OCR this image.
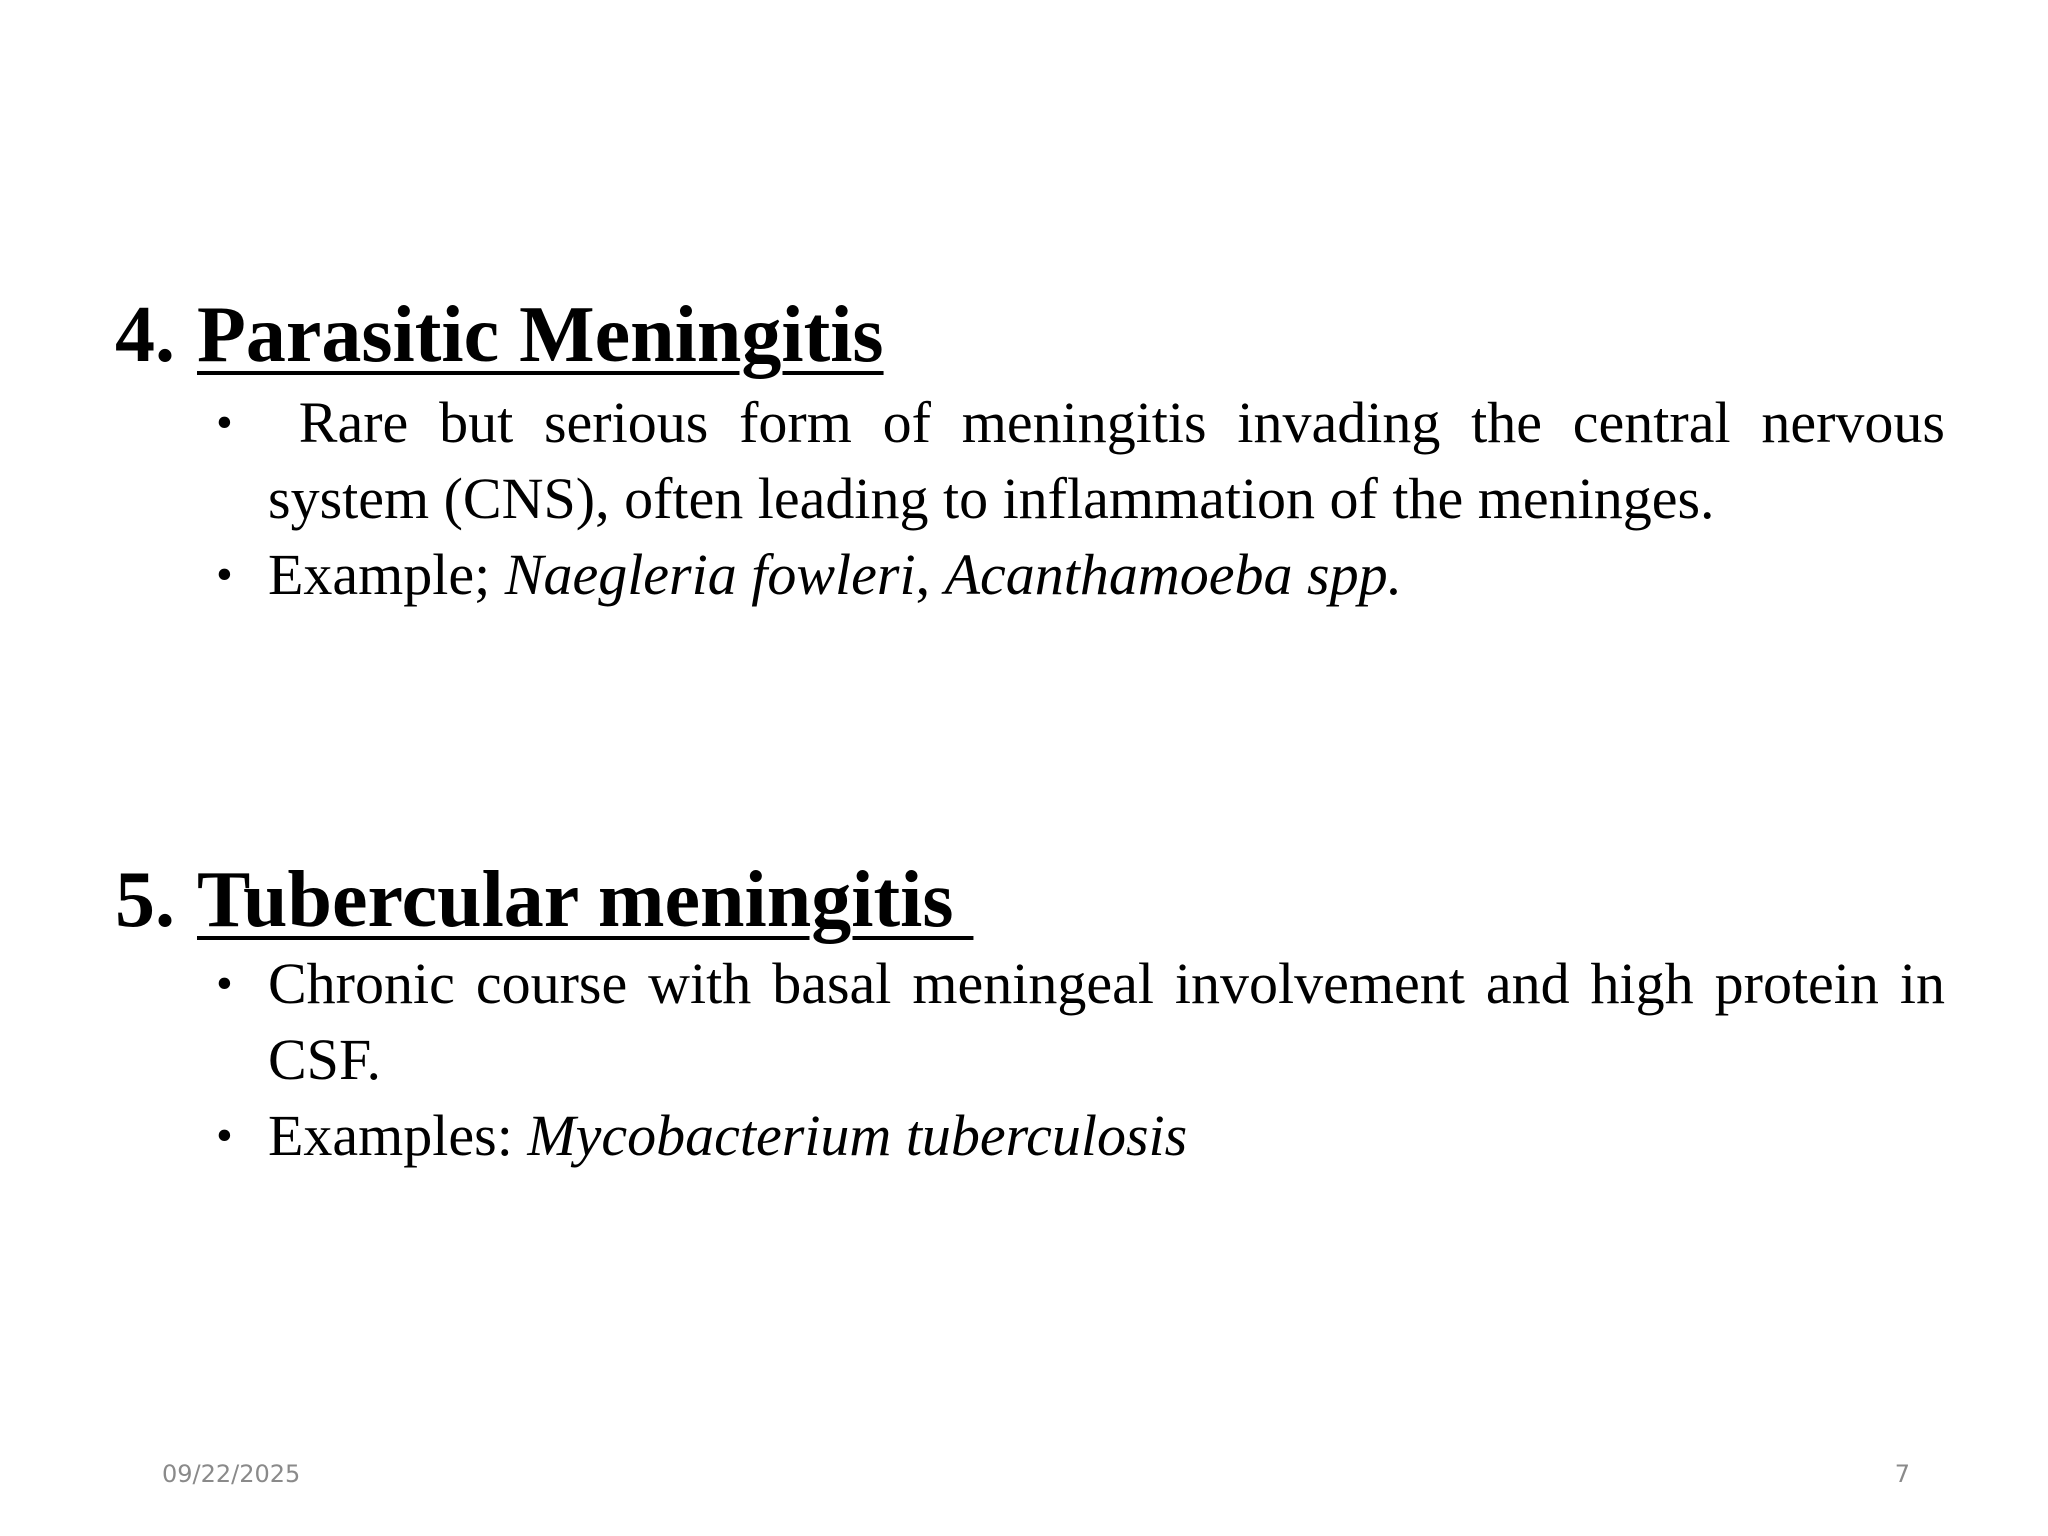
4. Parasitic Meningitis
• Rare but serious form of meningitis invading the central nervous system (CNS), often leading to inflammation of the meninges.
• Example; Naegleria fowleri, Acanthamoeba spp.
5. Tubercular meningitis
• Chronic course with basal meningeal involvement and high protein in CSF.
• Examples: Mycobacterium tuberculosis
09/22/2025	7
